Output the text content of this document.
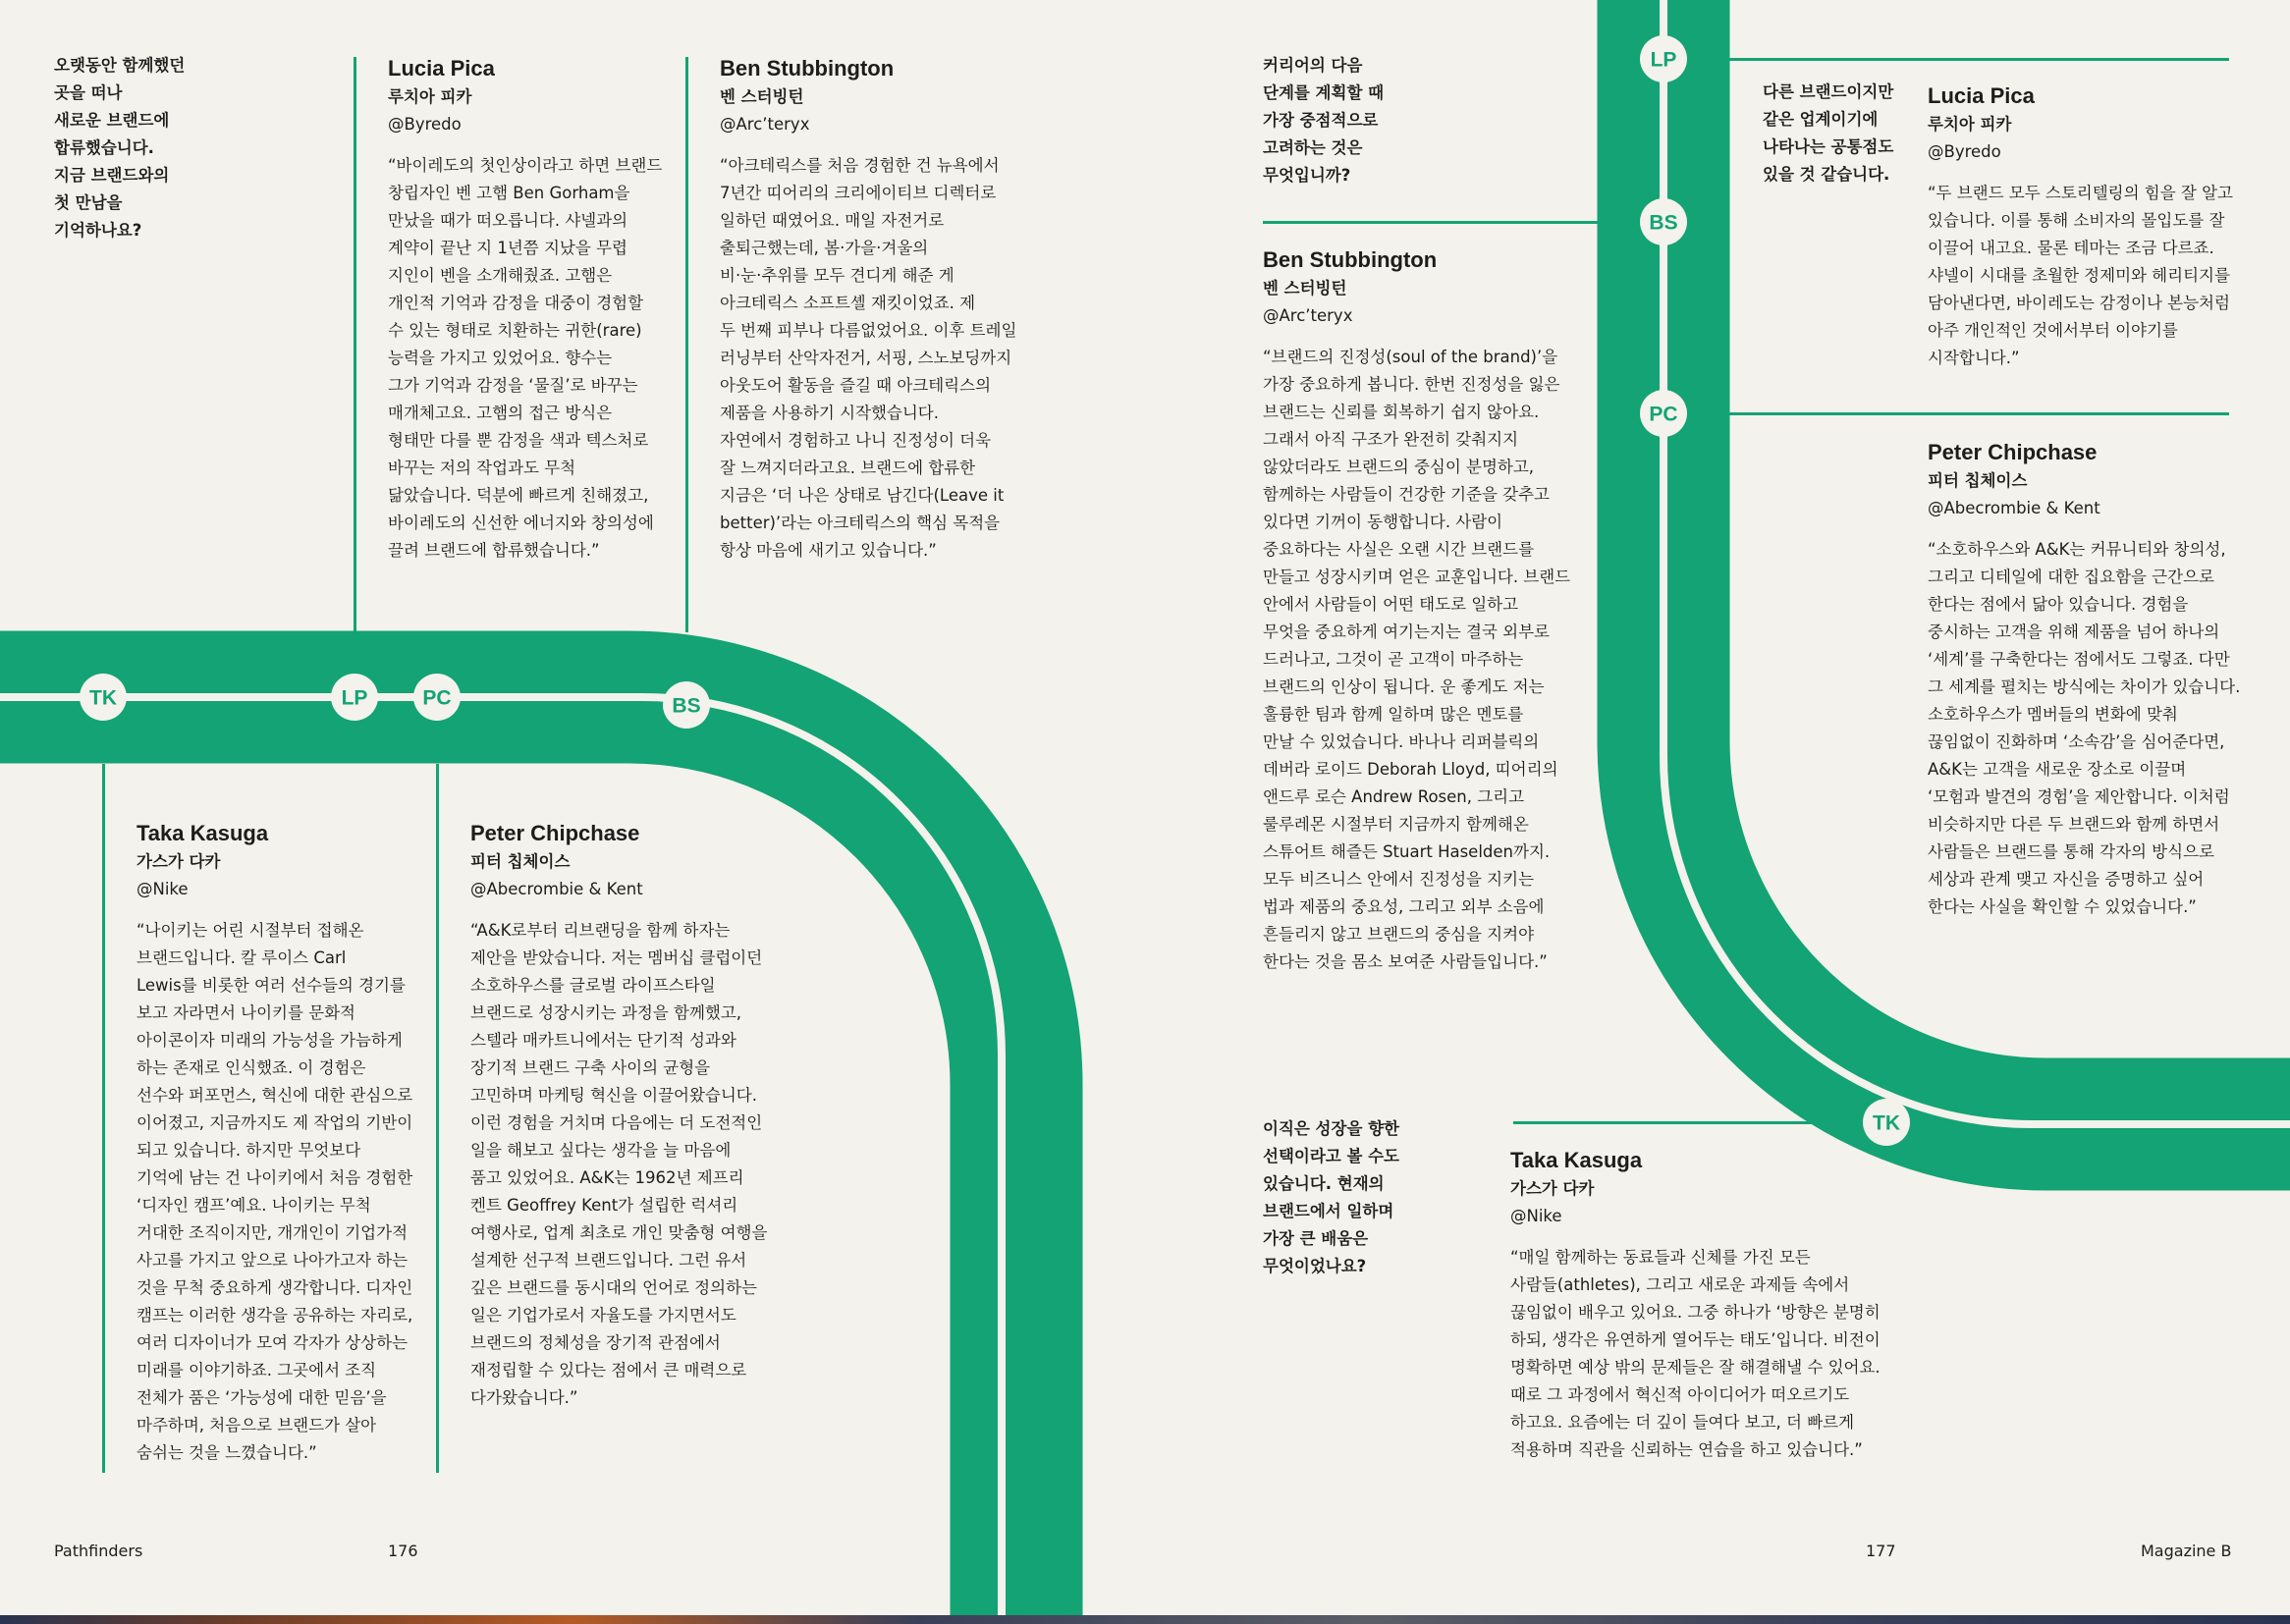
TK	LP	PC	BS
LP
BS
PC
TK
오랫동안 함께했던
곳을 떠나
새로운 브랜드에
합류했습니다.
지금 브랜드와의
첫 만남을
기억하나요?
Lucia Pica
루치아 피카
@Byredo
“바이레도의 첫인상이라고 하면 브랜드
창립자인 벤 고햄 Ben Gorham을
만났을 때가 떠오릅니다. 샤넬과의
계약이 끝난 지 1년쯤 지났을 무렵
지인이 벤을 소개해줬죠. 고햄은
개인적 기억과 감정을 대중이 경험할
수 있는 형태로 치환하는 귀한(rare)
능력을 가지고 있었어요. 향수는
그가 기억과 감정을 ‘물질’로 바꾸는
매개체고요. 고햄의 접근 방식은
형태만 다를 뿐 감정을 색과 텍스처로
바꾸는 저의 작업과도 무척
닮았습니다. 덕분에 빠르게 친해졌고,
바이레도의 신선한 에너지와 창의성에
끌려 브랜드에 합류했습니다.”
Ben Stubbington
벤 스터빙턴
@Arc’teryx
“아크테릭스를 처음 경험한 건 뉴욕에서
7년간 띠어리의 크리에이티브 디렉터로
일하던 때였어요. 매일 자전거로
출퇴근했는데, 봄·가을·겨울의
비·눈·추위를 모두 견디게 해준 게
아크테릭스 소프트셸 재킷이었죠. 제
두 번째 피부나 다름없었어요. 이후 트레일
러닝부터 산악자전거, 서핑, 스노보딩까지
아웃도어 활동을 즐길 때 아크테릭스의
제품을 사용하기 시작했습니다.
자연에서 경험하고 나니 진정성이 더욱
잘 느껴지더라고요. 브랜드에 합류한
지금은 ‘더 나은 상태로 남긴다(Leave it
better)’라는 아크테릭스의 핵심 목적을
항상 마음에 새기고 있습니다.”
Taka Kasuga
가스가 다카
@Nike
“나이키는 어린 시절부터 접해온
브랜드입니다. 칼 루이스 Carl
Lewis를 비롯한 여러 선수들의 경기를
보고 자라면서 나이키를 문화적
아이콘이자 미래의 가능성을 가늠하게
하는 존재로 인식했죠. 이 경험은
선수와 퍼포먼스, 혁신에 대한 관심으로
이어졌고, 지금까지도 제 작업의 기반이
되고 있습니다. 하지만 무엇보다
기억에 남는 건 나이키에서 처음 경험한
‘디자인 캠프’예요. 나이키는 무척
거대한 조직이지만, 개개인이 기업가적
사고를 가지고 앞으로 나아가고자 하는
것을 무척 중요하게 생각합니다. 디자인
캠프는 이러한 생각을 공유하는 자리로,
여러 디자이너가 모여 각자가 상상하는
미래를 이야기하죠. 그곳에서 조직
전체가 품은 ‘가능성에 대한 믿음’을
마주하며, 처음으로 브랜드가 살아
숨쉬는 것을 느꼈습니다.”
Peter Chipchase
피터 칩체이스
@Abecrombie & Kent
“A&K로부터 리브랜딩을 함께 하자는
제안을 받았습니다. 저는 멤버십 클럽이던
소호하우스를 글로벌 라이프스타일
브랜드로 성장시키는 과정을 함께했고,
스텔라 매카트니에서는 단기적 성과와
장기적 브랜드 구축 사이의 균형을
고민하며 마케팅 혁신을 이끌어왔습니다.
이런 경험을 거치며 다음에는 더 도전적인
일을 해보고 싶다는 생각을 늘 마음에
품고 있었어요. A&K는 1962년 제프리
켄트 Geoffrey Kent가 설립한 럭셔리
여행사로, 업계 최초로 개인 맞춤형 여행을
설계한 선구적 브랜드입니다. 그런 유서
깊은 브랜드를 동시대의 언어로 정의하는
일은 기업가로서 자율도를 가지면서도
브랜드의 정체성을 장기적 관점에서
재정립할 수 있다는 점에서 큰 매력으로
다가왔습니다.”
Pathfinders	176
커리어의 다음
단계를 계획할 때
가장 중점적으로
고려하는 것은
무엇입니까?
다른 브랜드이지만
같은 업계이기에
나타나는 공통점도
있을 것 같습니다.
이직은 성장을 향한
선택이라고 볼 수도
있습니다. 현재의
브랜드에서 일하며
가장 큰 배움은
무엇이었나요?
Ben Stubbington
벤 스터빙턴
@Arc’teryx
“브랜드의 진정성(soul of the brand)’을
가장 중요하게 봅니다. 한번 진정성을 잃은
브랜드는 신뢰를 회복하기 쉽지 않아요.
그래서 아직 구조가 완전히 갖춰지지
않았더라도 브랜드의 중심이 분명하고,
함께하는 사람들이 건강한 기준을 갖추고
있다면 기꺼이 동행합니다. 사람이
중요하다는 사실은 오랜 시간 브랜드를
만들고 성장시키며 얻은 교훈입니다. 브랜드
안에서 사람들이 어떤 태도로 일하고
무엇을 중요하게 여기는지는 결국 외부로
드러나고, 그것이 곧 고객이 마주하는
브랜드의 인상이 됩니다. 운 좋게도 저는
훌륭한 팀과 함께 일하며 많은 멘토를
만날 수 있었습니다. 바나나 리퍼블릭의
데버라 로이드 Deborah Lloyd, 띠어리의
앤드루 로슨 Andrew Rosen, 그리고
룰루레몬 시절부터 지금까지 함께해온
스튜어트 해즐든 Stuart Haselden까지.
모두 비즈니스 안에서 진정성을 지키는
법과 제품의 중요성, 그리고 외부 소음에
흔들리지 않고 브랜드의 중심을 지켜야
한다는 것을 몸소 보여준 사람들입니다.”
Lucia Pica
루치아 피카
@Byredo
“두 브랜드 모두 스토리텔링의 힘을 잘 알고
있습니다. 이를 통해 소비자의 몰입도를 잘
이끌어 내고요. 물론 테마는 조금 다르죠.
샤넬이 시대를 초월한 정제미와 헤리티지를
담아낸다면, 바이레도는 감정이나 본능처럼
아주 개인적인 것에서부터 이야기를
시작합니다.”
Peter Chipchase
피터 칩체이스
@Abecrombie & Kent
“소호하우스와 A&K는 커뮤니티와 창의성,
그리고 디테일에 대한 집요함을 근간으로
한다는 점에서 닮아 있습니다. 경험을
중시하는 고객을 위해 제품을 넘어 하나의
‘세계’를 구축한다는 점에서도 그렇죠. 다만
그 세계를 펼치는 방식에는 차이가 있습니다.
소호하우스가 멤버들의 변화에 맞춰
끊임없이 진화하며 ‘소속감’을 심어준다면,
A&K는 고객을 새로운 장소로 이끌며
‘모험과 발견의 경험’을 제안합니다. 이처럼
비슷하지만 다른 두 브랜드와 함께 하면서
사람들은 브랜드를 통해 각자의 방식으로
세상과 관계 맺고 자신을 증명하고 싶어
한다는 사실을 확인할 수 있었습니다.”
Taka Kasuga
가스가 다카
@Nike
“매일 함께하는 동료들과 신체를 가진 모든
사람들(athletes), 그리고 새로운 과제들 속에서
끊임없이 배우고 있어요. 그중 하나가 ‘방향은 분명히
하되, 생각은 유연하게 열어두는 태도’입니다. 비전이
명확하면 예상 밖의 문제들은 잘 해결해낼 수 있어요.
때로 그 과정에서 혁신적 아이디어가 떠오르기도
하고요. 요즘에는 더 깊이 들여다 보고, 더 빠르게
적용하며 직관을 신뢰하는 연습을 하고 있습니다.”
177	Magazine B
